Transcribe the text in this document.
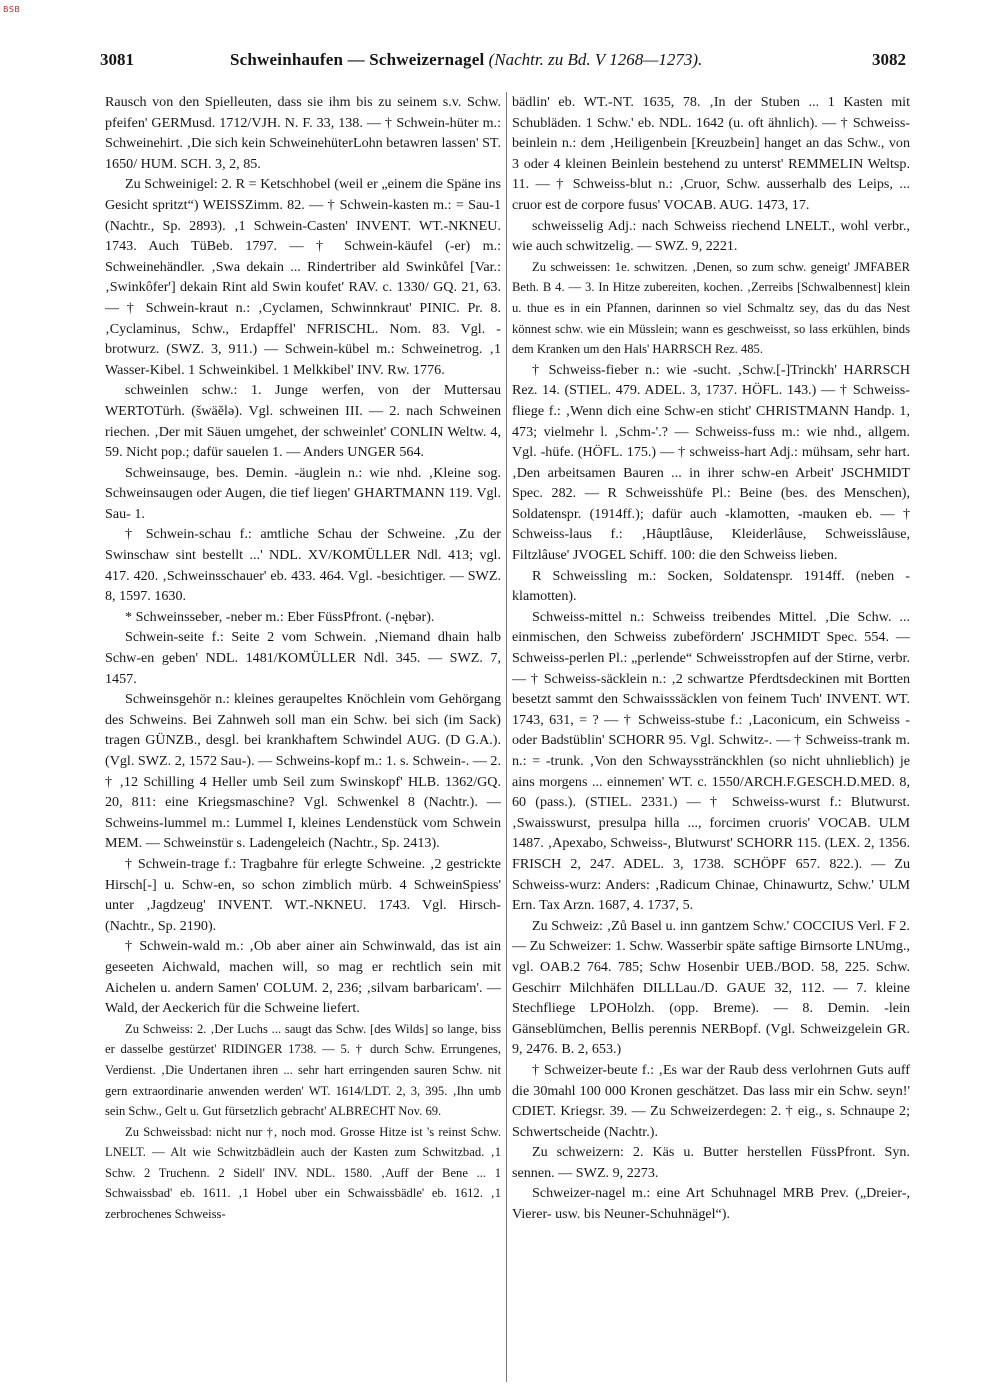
BSB
3081	Schweinhaufen — Schweizernagel (Nachtr. zu Bd. V 1268—1273).	3082

Rausch von den Spielleuten, dass sie ihm bis zu seinem s.v. Schw. pfeifen' GERMusd. 1712/VJH. N. F. 33, 138. — † Schwein-hüter m.: Schweinehirt. ‚Die sich kein SchweinehüterLohn betawren lassen' ST. 1650/ HUM. SCH. 3, 2, 85.

Zu Schweinigel: 2. R = Ketschhobel (weil er „einem die Späne ins Gesicht spritzt“) WEISSZimm. 82. — † Schwein-kasten m.: = Sau-1 (Nachtr., Sp. 2893). ‚1 Schwein-Casten' INVENT. WT.-NKNEU. 1743. Auch TüBeb. 1797. — † Schwein-käufel (-er) m.: Schweinehändler. ‚Swa dekain ... Rindertriber ald Swinkůfel [Var.: ‚Swinkôfer'] dekain Rint ald Swin koufet' RAV. c. 1330/ GQ. 21, 63. — † Schwein-kraut n.: ‚Cyclamen, Schwinnkraut' PINIC. Pr. 8. ‚Cyclaminus, Schw., Erdapffel' NFRISCHL. Nom. 83. Vgl. -brotwurz. (SWZ. 3, 911.) — Schwein-kübel m.: Schweinetrog. ‚1 Wasser-Kibel. 1 Schweinkibel. 1 Melkkibel' INV. Rw. 1776.

schweinlen schw.: 1. Junge werfen, von der Muttersau WERTOTürh. (šwäĕlə). Vgl. schweinen III. — 2. nach Schweinen riechen. ‚Der mit Säuen umgehet, der schweinlet' CONLIN Weltw. 4, 59. Nicht pop.; dafür sauelen 1. — Anders UNGER 564.

Schweinsauge, bes. Demin. -äuglein n.: wie nhd. ‚Kleine sog. Schweinsaugen oder Augen, die tief liegen' GHARTMANN 119. Vgl. Sau- 1.

† Schwein-schau f.: amtliche Schau der Schweine. ‚Zu der Swinschaw sint bestellt ...' NDL. XV/KOMÜLLER Ndl. 413; vgl. 417. 420. ‚Schweinsschauer' eb. 433. 464. Vgl. -besichtiger. — SWZ. 8, 1597. 1630.

* Schweinsseber, -neber m.: Eber FüssPfront. (-nębər).

Schwein-seite f.: Seite 2 vom Schwein. ‚Niemand dhain halb Schw-en geben' NDL. 1481/KOMÜLLER Ndl. 345. — SWZ. 7, 1457.

Schweinsgehör n.: kleines geraupeltes Knöchlein vom Gehörgang des Schweins. Bei Zahnweh soll man ein Schw. bei sich (im Sack) tragen GÜNZB., desgl. bei krankhaftem Schwindel AUG. (D G.A.). (Vgl. SWZ. 2, 1572 Sau-). — Schweins-kopf m.: 1. s. Schwein-. — 2. † ‚12 Schilling 4 Heller umb Seil zum Swinskopf' HLB. 1362/GQ. 20, 811: eine Kriegsmaschine? Vgl. Schwenkel 8 (Nachtr.). — Schweins-lummel m.: Lummel I, kleines Lendenstück vom Schwein MEM. — Schweinstür s. Ladengeleich (Nachtr., Sp. 2413).

† Schwein-trage f.: Tragbahre für erlegte Schweine. ‚2 gestrickte Hirsch[-] u. Schw-en, so schon zimblich mürb. 4 SchweinSpiess' unter ‚Jagdzeug' INVENT. WT.-NKNEU. 1743. Vgl. Hirsch- (Nachtr., Sp. 2190).

† Schwein-wald m.: ‚Ob aber ainer ain Schwinwald, das ist ain geseeten Aichwald, machen will, so mag er rechtlich sein mit Aichelen u. andern Samen' COLUM. 2, 236; ‚silvam barbaricam'. — Wald, der Aeckerich für die Schweine liefert.

Zu Schweiss: 2. ‚Der Luchs ... saugt das Schw. [des Wilds] so lange, biss er dasselbe gestürzet' RIDINGER 1738. — 5. † durch Schw. Errungenes, Verdienst. ‚Die Undertanen ihren ... sehr hart erringenden sauren Schw. nit gern extraordinarie anwenden werden' WT. 1614/LDT. 2, 3, 395. ‚Ihn umb sein Schw., Gelt u. Gut fürsetzlich gebracht' ALBRECHT Nov. 69.

Zu Schweissbad: nicht nur †, noch mod. Grosse Hitze ist 's reinst Schw. LNELT. — Alt wie Schwitzbädlein auch der Kasten zum Schwitzbad. ‚1 Schw. 2 Truchenn. 2 Sidell' INV. NDL. 1580. ‚Auff der Bene ... 1 Schwaissbad' eb. 1611. ‚1 Hobel uber ein Schwaissbädle' eb. 1612. ‚1 zerbrochenes Schweiss-

bädlin' eb. WT.-NT. 1635, 78. ‚In der Stuben ... 1 Kasten mit Schubläden. 1 Schw.' eb. NDL. 1642 (u. oft ähnlich). — † Schweiss-beinlein n.: dem ‚Heiligenbein [Kreuzbein] hanget an das Schw., von 3 oder 4 kleinen Beinlein bestehend zu unterst' REMMELIN Weltsp. 11. — † Schweiss-blut n.: ‚Cruor, Schw. ausserhalb des Leips, ... cruor est de corpore fusus' VOCAB. AUG. 1473, 17.

schweisselig Adj.: nach Schweiss riechend LNELT., wohl verbr., wie auch schwitzelig. — SWZ. 9, 2221.

Zu schweissen: 1e. schwitzen. ‚Denen, so zum schw. geneigt' JMFABER Beth. B 4. — 3. In Hitze zubereiten, kochen. ‚Zerreibs [Schwalbennest] klein u. thue es in ein Pfannen, darinnen so viel Schmaltz sey, das du das Nest könnest schw. wie ein Müsslein; wann es geschweisst, so lass erkühlen, binds dem Kranken um den Hals' HARRSCH Rez. 485.

† Schweiss-fieber n.: wie -sucht. ‚Schw.[-]Trinckh' HARRSCH Rez. 14. (STIEL. 479. ADEL. 3, 1737. HÖFL. 143.) — † Schweiss-fliege f.: ‚Wenn dich eine Schw-en sticht' CHRISTMANN Handp. 1, 473; vielmehr l. ‚Schm-'.? — Schweiss-fuss m.: wie nhd., allgem. Vgl. -hüfe. (HÖFL. 175.) — † schweiss-hart Adj.: mühsam, sehr hart. ‚Den arbeitsamen Bauren ... in ihrer schw-en Arbeit' JSCHMIDT Spec. 282. — R Schweisshüfe Pl.: Beine (bes. des Menschen), Soldatenspr. (1914ff.); dafür auch -klamotten, -mauken eb. — † Schweiss-laus f.: ‚Hâuptlâuse, Kleiderlâuse, Schweisslâuse, Filtzlâuse' JVOGEL Schiff. 100: die den Schweiss lieben.

R Schweissling m.: Socken, Soldatenspr. 1914ff. (neben -klamotten).

Schweiss-mittel n.: Schweiss treibendes Mittel. ‚Die Schw. ... einmischen, den Schweiss zubefördern' JSCHMIDT Spec. 554. — Schweiss-perlen Pl.: „perlende“ Schweisstropfen auf der Stirne, verbr. — † Schweiss-säcklein n.: ‚2 schwartze Pferdtsdeckinen mit Bortten besetzt sammt den Schwaisssäcklen von feinem Tuch' INVENT. WT. 1743, 631, = ? — † Schweiss-stube f.: ‚Laconicum, ein Schweiss -oder Badstüblin' SCHORR 95. Vgl. Schwitz-. — † Schweiss-trank m. n.: = -trunk. ‚Von den Schwaysstränckhlen (so nicht uhnlieblich) je ains morgens ... einnemen' WT. c. 1550/ARCH.F.GESCH.D.MED. 8, 60 (pass.). (STIEL. 2331.) — † Schweiss-wurst f.: Blutwurst. ‚Swaisswurst, presulpa hilla ..., forcimen cruoris' VOCAB. ULM 1487. ‚Apexabo, Schweiss-, Blutwurst' SCHORR 115. (LEX. 2, 1356. FRISCH 2, 247. ADEL. 3, 1738. SCHÖPF 657. 822.). — Zu Schweiss-wurz: Anders: ‚Radicum Chinae, Chinawurtz, Schw.' ULM Ern. Tax Arzn. 1687, 4. 1737, 5.

Zu Schweiz: ‚Zů Basel u. inn gantzem Schw.' COCCIUS Verl. F 2. — Zu Schweizer: 1. Schw. Wasserbir späte saftige Birnsorte LNUmg., vgl. OAB.2 764. 785; Schw Hosenbir UEB./BOD. 58, 225. Schw. Geschirr Milchhäfen DILLLau./D. GAUE 32, 112. — 7. kleine Stechfliege LPOHolzh. (opp. Breme). — 8. Demin. -lein Gänseblümchen, Bellis perennis NERBopf. (Vgl. Schweizgelein GR. 9, 2476. B. 2, 653.)

† Schweizer-beute f.: ‚Es war der Raub dess verlohrnen Guts auff die 30mahl 100 000 Kronen geschätzet. Das lass mir ein Schw. seyn!' CDIET. Kriegsr. 39. — Zu Schweizerdegen: 2. † eig., s. Schnaupe 2; Schwertscheide (Nachtr.).

Zu schweizern: 2. Käs u. Butter herstellen FüssPfront. Syn. sennen. — SWZ. 9, 2273.

Schweizer-nagel m.: eine Art Schuhnagel MRB Prev. („Dreier-, Vierer- usw. bis Neuner-Schuhnägel“).
